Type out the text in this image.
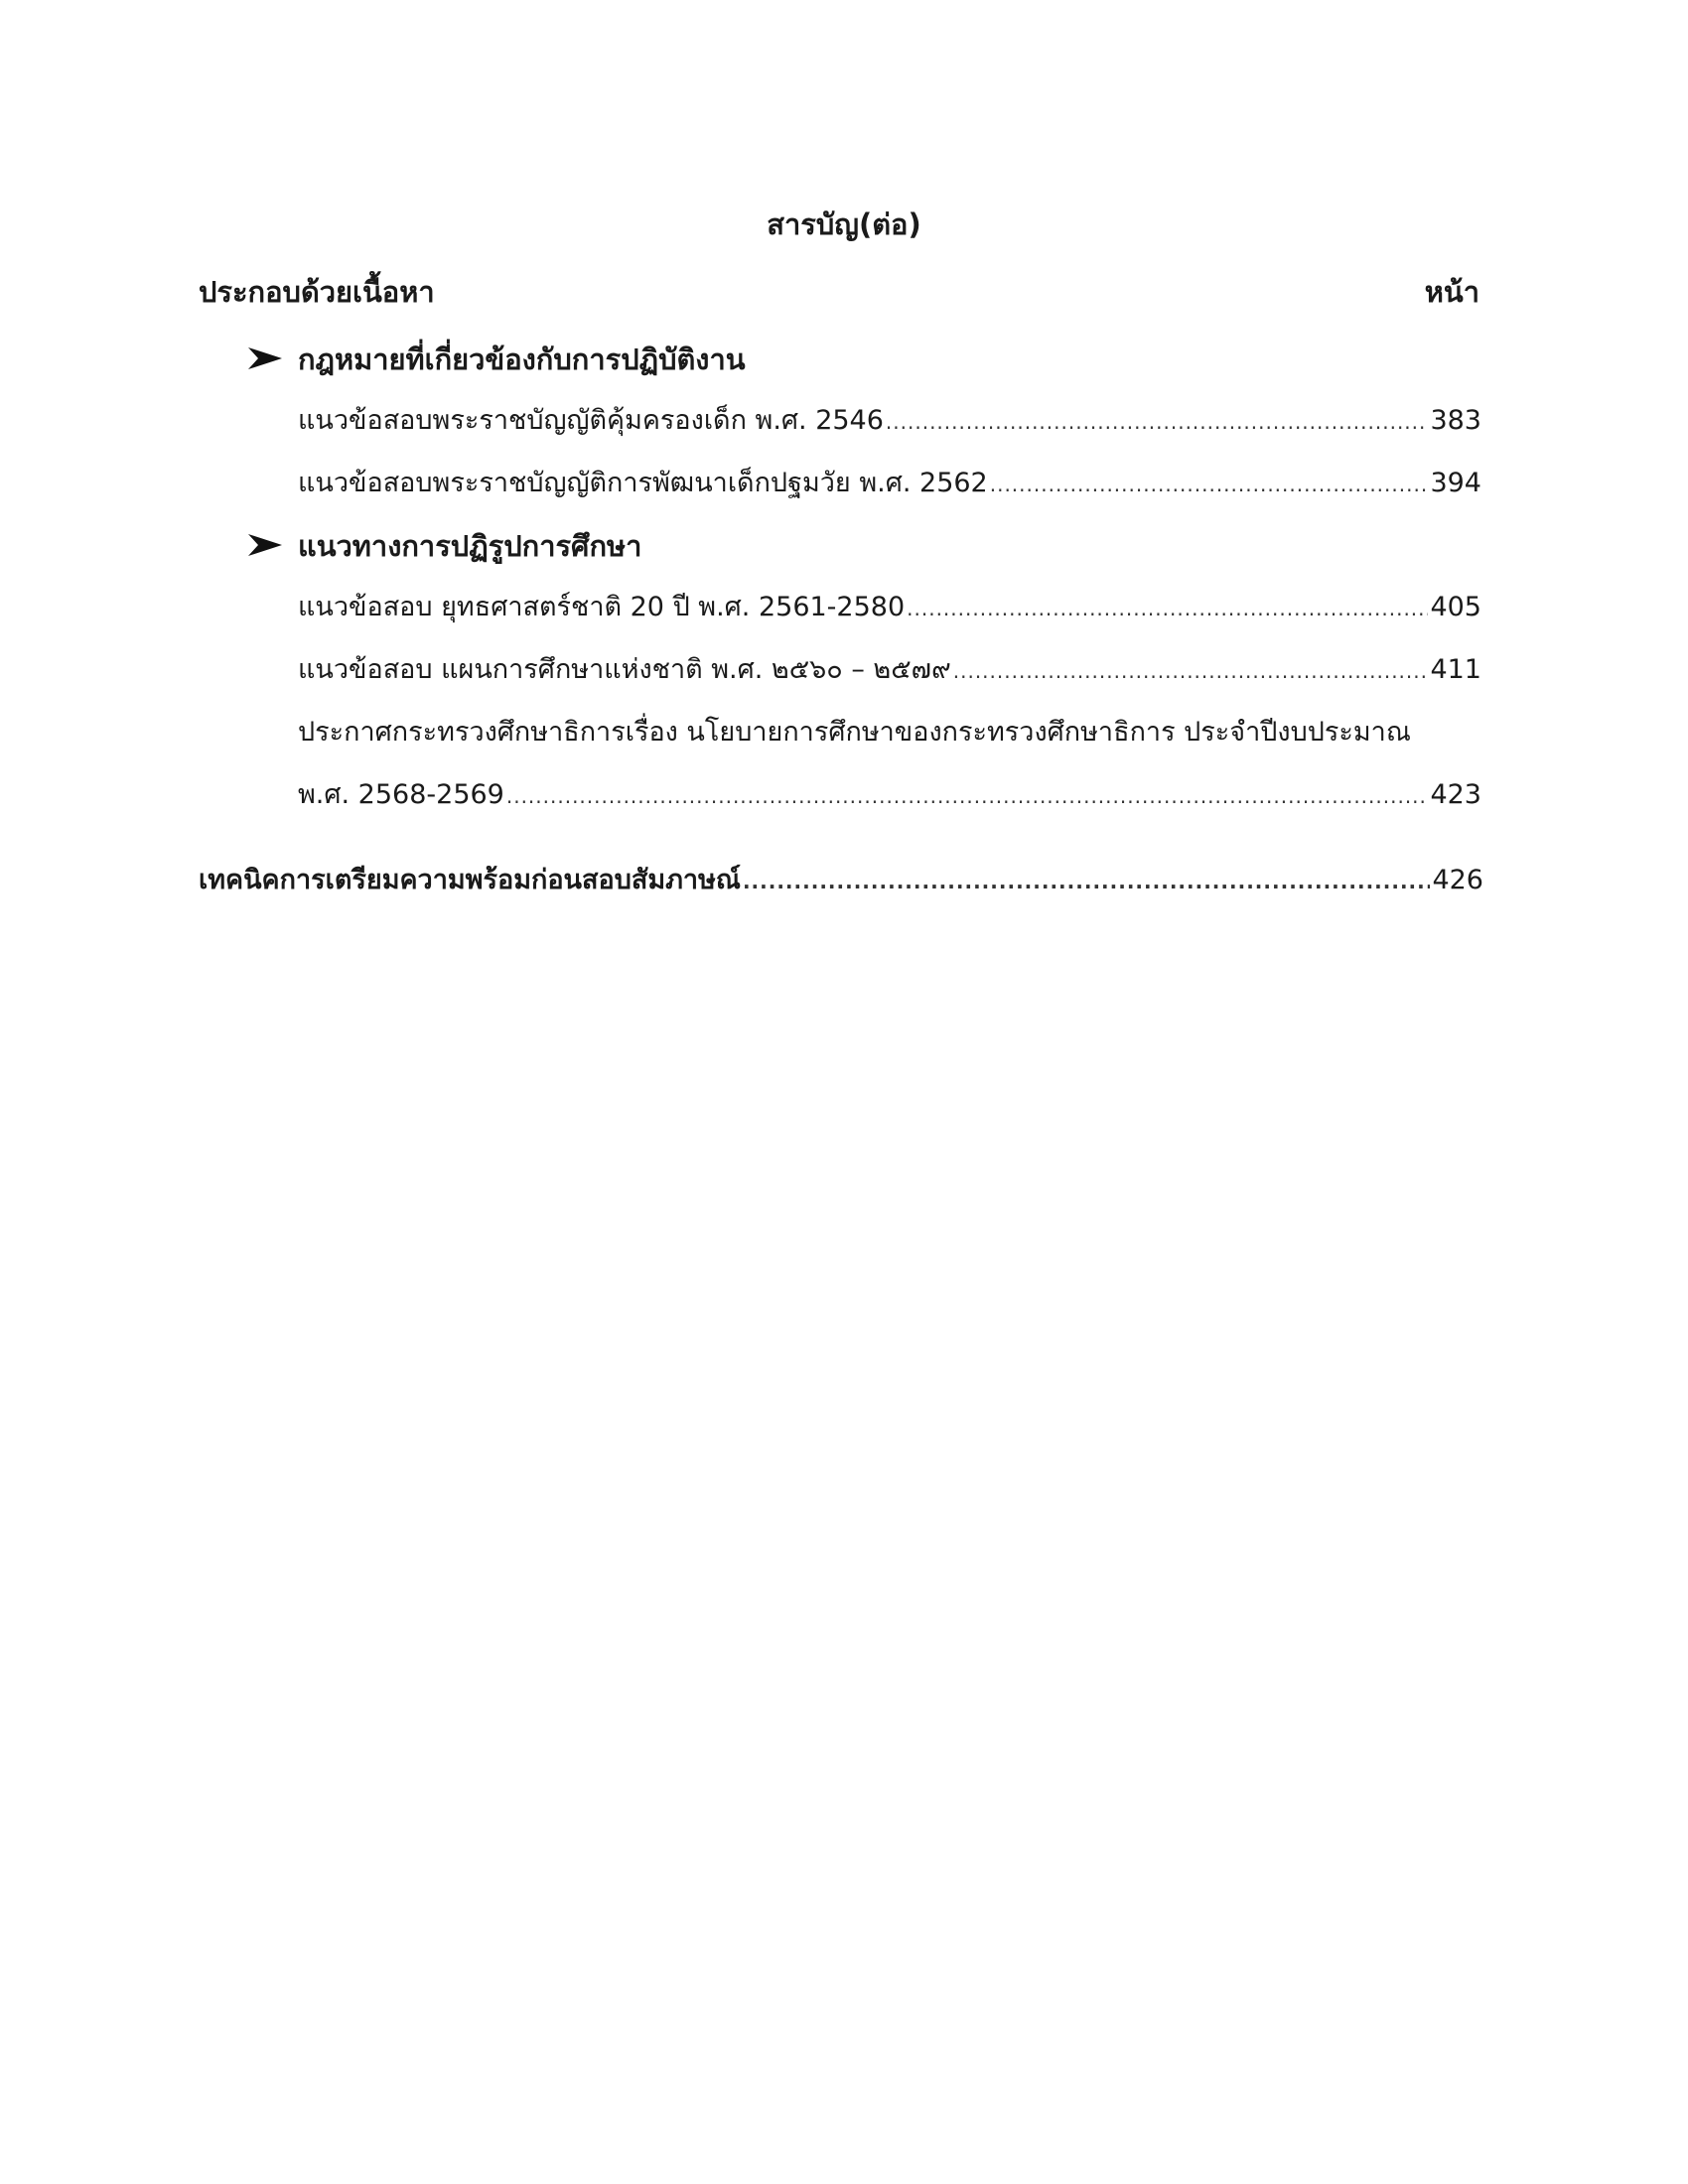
สารบัญ(ต่อ)
ประกอบด้วยเนื้อหา	หน้า
กฎหมายที่เกี่ยวข้องกับการปฏิบัติงาน
แนวข้อสอบพระราชบัญญัติคุ้มครองเด็ก พ.ศ. 2546 .....	383
แนวข้อสอบพระราชบัญญัติการพัฒนาเด็กปฐมวัย พ.ศ. 2562 .....	394
แนวทางการปฏิรูปการศึกษา
แนวข้อสอบ ยุทธศาสตร์ชาติ 20 ปี พ.ศ. 2561-2580 .....	405
แนวข้อสอบ แผนการศึกษาแห่งชาติ พ.ศ. ๒๕๖๐ – ๒๕๗๙ .....	411
ประกาศกระทรวงศึกษาธิการเรื่อง นโยบายการศึกษาของกระทรวงศึกษาธิการ ประจำปีงบประมาณ
พ.ศ. 2568-2569 .....	423
เทคนิคการเตรียมความพร้อมก่อนสอบสัมภาษณ์ .....	426
